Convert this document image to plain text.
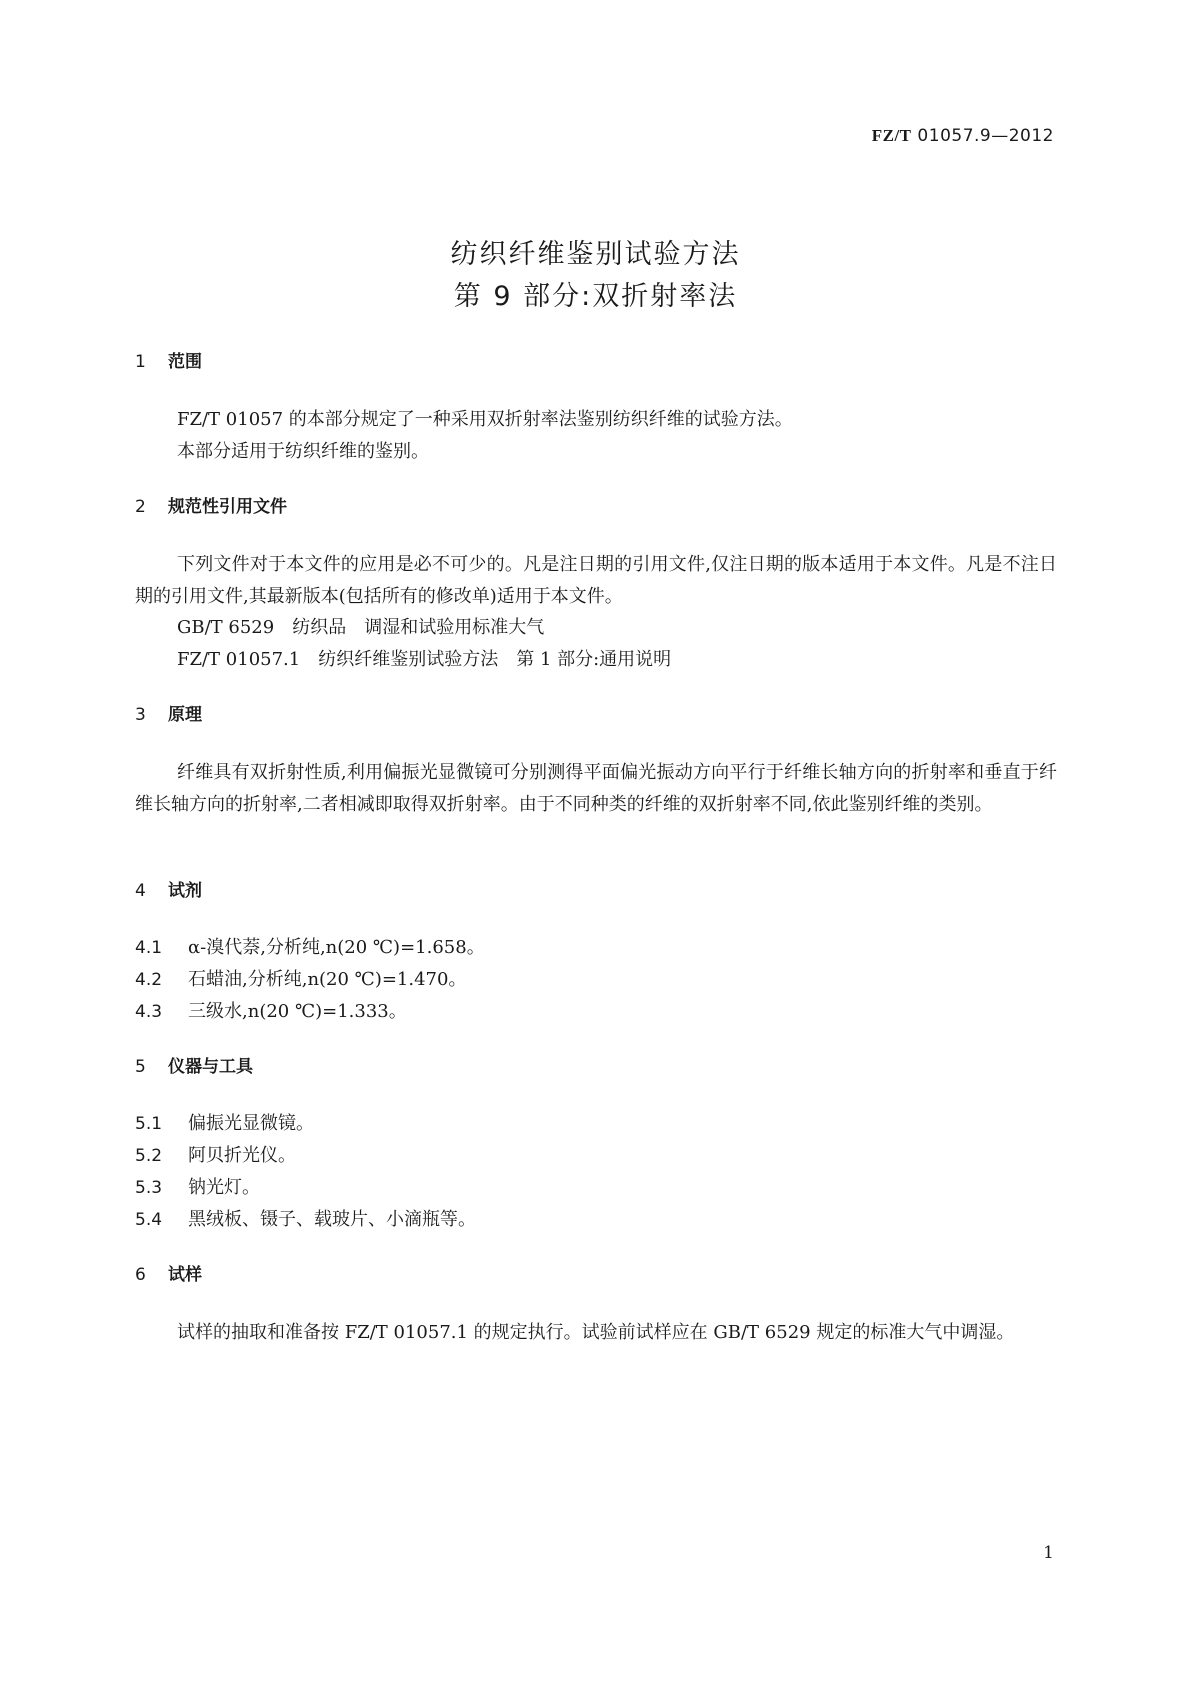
FZ/T 01057.9—2012
纺织纤维鉴别试验方法
第 9 部分:双折射率法
1 范围
FZ/T 01057 的本部分规定了一种采用双折射率法鉴别纺织纤维的试验方法。
本部分适用于纺织纤维的鉴别。
2 规范性引用文件
下列文件对于本文件的应用是必不可少的。凡是注日期的引用文件,仅注日期的版本适用于本文件。凡是不注日期的引用文件,其最新版本(包括所有的修改单)适用于本文件。
GB/T 6529　纺织品　调湿和试验用标准大气
FZ/T 01057.1　纺织纤维鉴别试验方法　第 1 部分:通用说明
3 原理
纤维具有双折射性质,利用偏振光显微镜可分别测得平面偏光振动方向平行于纤维长轴方向的折射率和垂直于纤维长轴方向的折射率,二者相减即取得双折射率。由于不同种类的纤维的双折射率不同,依此鉴别纤维的类别。
4 试剂
4.1 α-溴代萘,分析纯,n(20 ℃)=1.658。
4.2 石蜡油,分析纯,n(20 ℃)=1.470。
4.3 三级水,n(20 ℃)=1.333。
5 仪器与工具
5.1 偏振光显微镜。
5.2 阿贝折光仪。
5.3 钠光灯。
5.4 黑绒板、镊子、载玻片、小滴瓶等。
6 试样
试样的抽取和准备按 FZ/T 01057.1 的规定执行。试验前试样应在 GB/T 6529 规定的标准大气中调湿。
1
